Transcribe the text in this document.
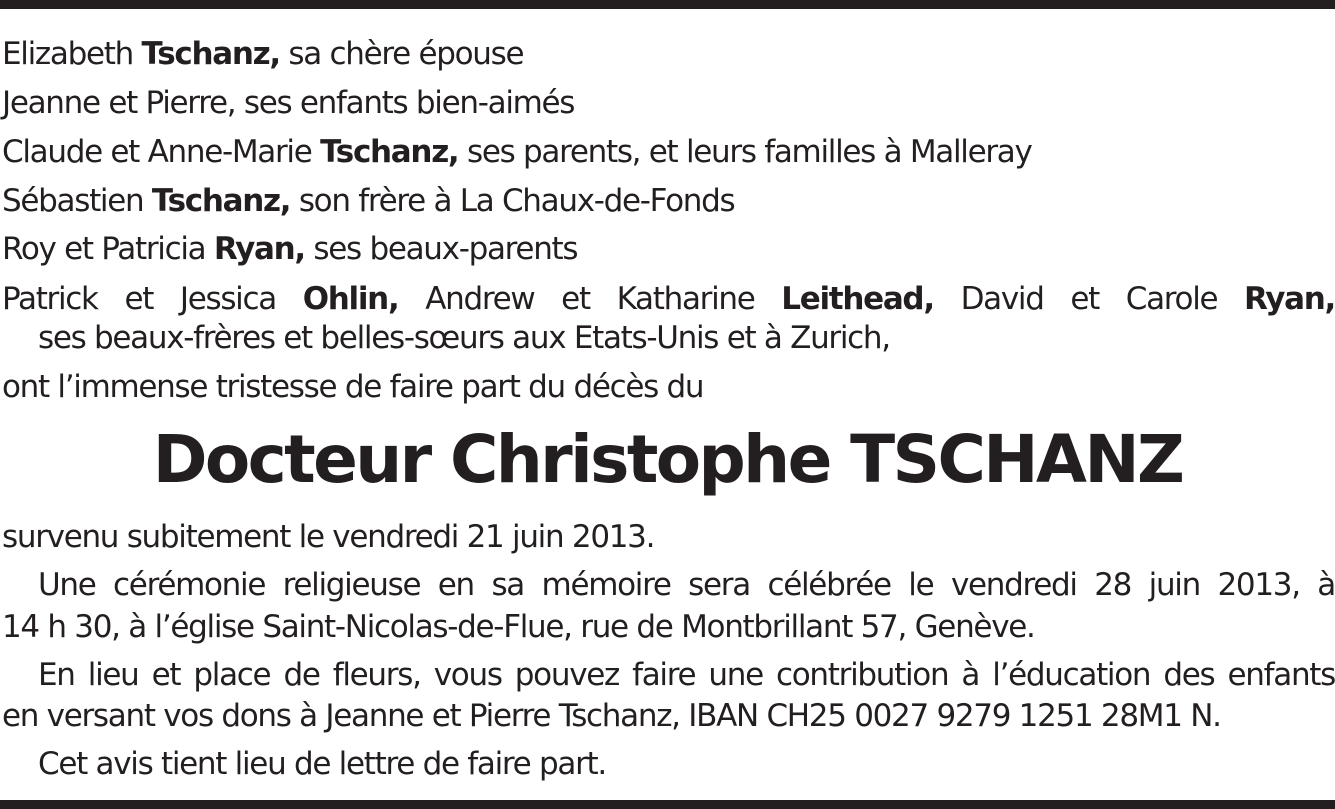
Elizabeth Tschanz, sa chère épouse

Jeanne et Pierre, ses enfants bien-aimés

Claude et Anne-Marie Tschanz, ses parents, et leurs familles à Malleray

Sébastien Tschanz, son frère à La Chaux-de-Fonds

Roy et Patricia Ryan, ses beaux-parents

Patrick et Jessica Ohlin, Andrew et Katharine Leithead, David et Carole Ryan,

ses beaux-frères et belles-sœurs aux Etats-Unis et à Zurich,

ont l’immense tristesse de faire part du décès du

Docteur Christophe TSCHANZ

survenu subitement le vendredi 21 juin 2013.

Une cérémonie religieuse en sa mémoire sera célébrée le vendredi 28 juin 2013, à

14 h 30, à l’église Saint-Nicolas-de-Flue, rue de Montbrillant 57, Genève.

En lieu et place de fleurs, vous pouvez faire une contribution à l’éducation des enfants

en versant vos dons à Jeanne et Pierre Tschanz, IBAN CH25 0027 9279 1251 28M1 N.

Cet avis tient lieu de lettre de faire part.
